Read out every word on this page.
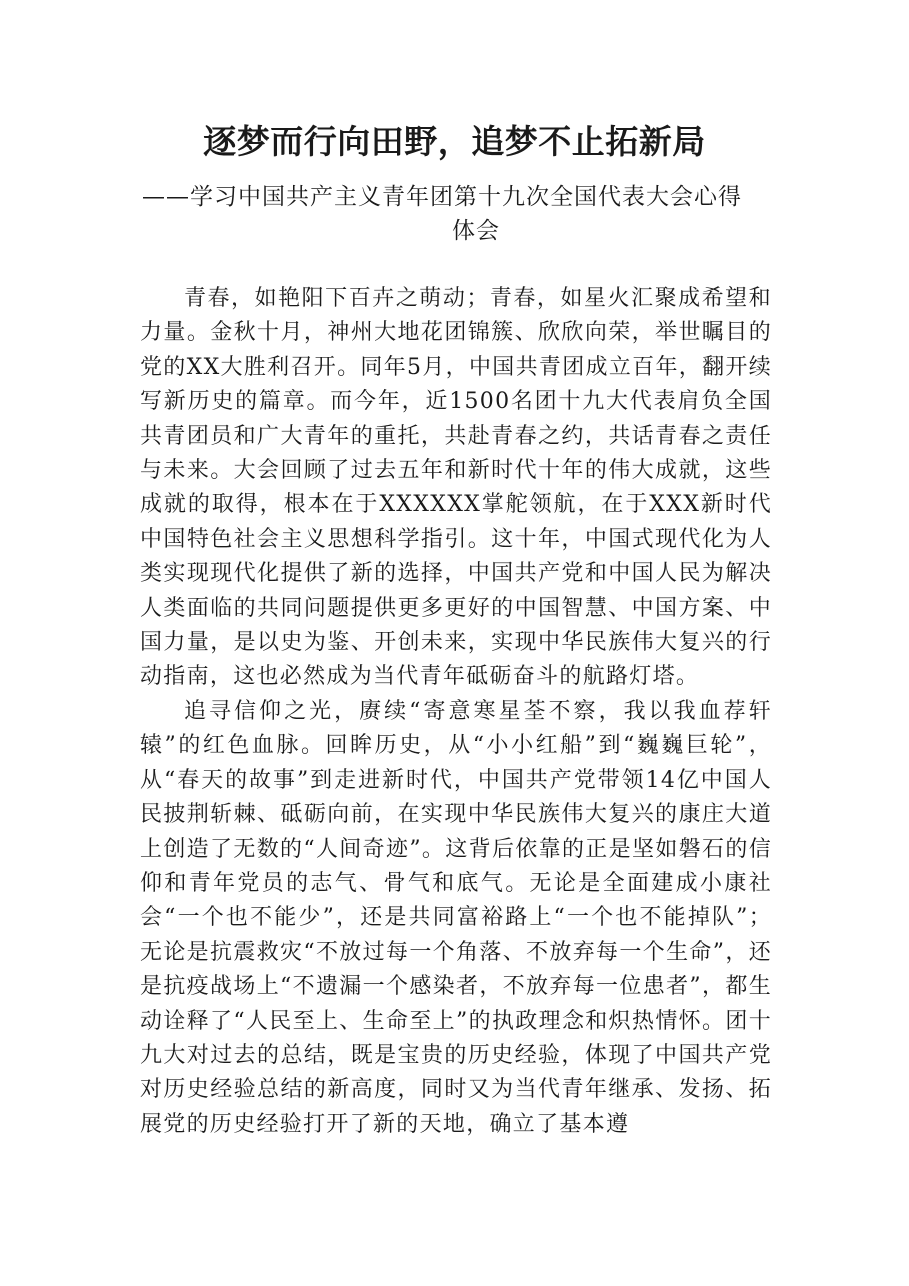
逐梦而行向田野，追梦不止拓新局
——学习中国共产主义青年团第十九次全国代表大会心得
体会

青春，如艳阳下百卉之萌动；青春，如星火汇聚成希望和力量。金秋十月，神州大地花团锦簇、欣欣向荣，举世瞩目的党的XX大胜利召开。同年5月，中国共青团成立百年，翻开续写新历史的篇章。而今年，近1500名团十九大代表肩负全国共青团员和广大青年的重托，共赴青春之约，共话青春之责任与未来。大会回顾了过去五年和新时代十年的伟大成就，这些成就的取得，根本在于XXXXXX掌舵领航，在于XXX新时代中国特色社会主义思想科学指引。这十年，中国式现代化为人类实现现代化提供了新的选择，中国共产党和中国人民为解决人类面临的共同问题提供更多更好的中国智慧、中国方案、中国力量，是以史为鉴、开创未来，实现中华民族伟大复兴的行动指南，这也必然成为当代青年砥砺奋斗的航路灯塔。

追寻信仰之光，赓续“寄意寒星荃不察，我以我血荐轩辕”的红色血脉。回眸历史，从“小小红船”到“巍巍巨轮”，从“春天的故事”到走进新时代，中国共产党带领14亿中国人民披荆斩棘、砥砺向前，在实现中华民族伟大复兴的康庄大道上创造了无数的“人间奇迹”。这背后依靠的正是坚如磐石的信仰和青年党员的志气、骨气和底气。无论是全面建成小康社会“一个也不能少”，还是共同富裕路上“一个也不能掉队”；无论是抗震救灾“不放过每一个角落、不放弃每一个生命”，还是抗疫战场上“不遗漏一个感染者，不放弃每一位患者”，都生动诠释了“人民至上、生命至上”的执政理念和炽热情怀。团十九大对过去的总结，既是宝贵的历史经验，体现了中国共产党对历史经验总结的新高度，同时又为当代青年继承、发扬、拓展党的历史经验打开了新的天地，确立了基本遵
